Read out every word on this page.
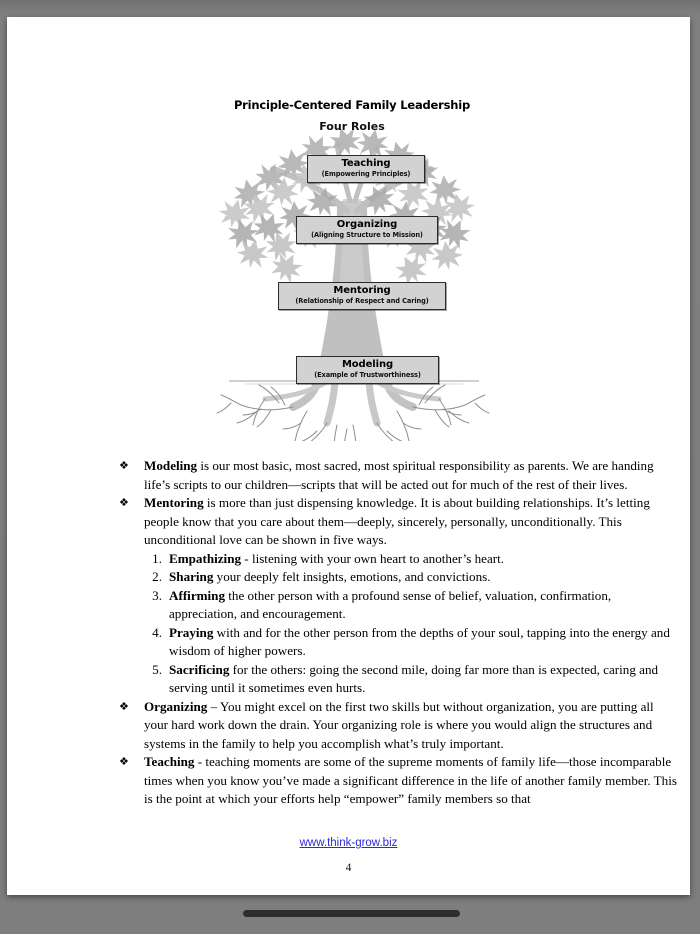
Principle-Centered Family Leadership
Four Roles
Teaching
(Empowering Principles)
Organizing
(Aligning Structure to Mission)
Mentoring
(Relationship of Respect and Caring)
Modeling
(Example of Trustworthiness)
❖ Modeling is our most basic, most sacred, most spiritual responsibility as parents. We are handing life’s scripts to our children—scripts that will be acted out for much of the rest of their lives.
❖ Mentoring is more than just dispensing knowledge. It is about building relationships. It’s letting people know that you care about them—deeply, sincerely, personally, unconditionally. This unconditional love can be shown in five ways.
1. Empathizing - listening with your own heart to another’s heart.
2. Sharing your deeply felt insights, emotions, and convictions.
3. Affirming the other person with a profound sense of belief, valuation, confirmation, appreciation, and encouragement.
4. Praying with and for the other person from the depths of your soul, tapping into the energy and wisdom of higher powers.
5. Sacrificing for the others: going the second mile, doing far more than is expected, caring and serving until it sometimes even hurts.
❖ Organizing – You might excel on the first two skills but without organization, you are putting all your hard work down the drain. Your organizing role is where you would align the structures and systems in the family to help you accomplish what’s truly important.
❖ Teaching - teaching moments are some of the supreme moments of family life—those incomparable times when you know you’ve made a significant difference in the life of another family member. This is the point at which your efforts help “empower” family members so that
www.think-grow.biz
4
